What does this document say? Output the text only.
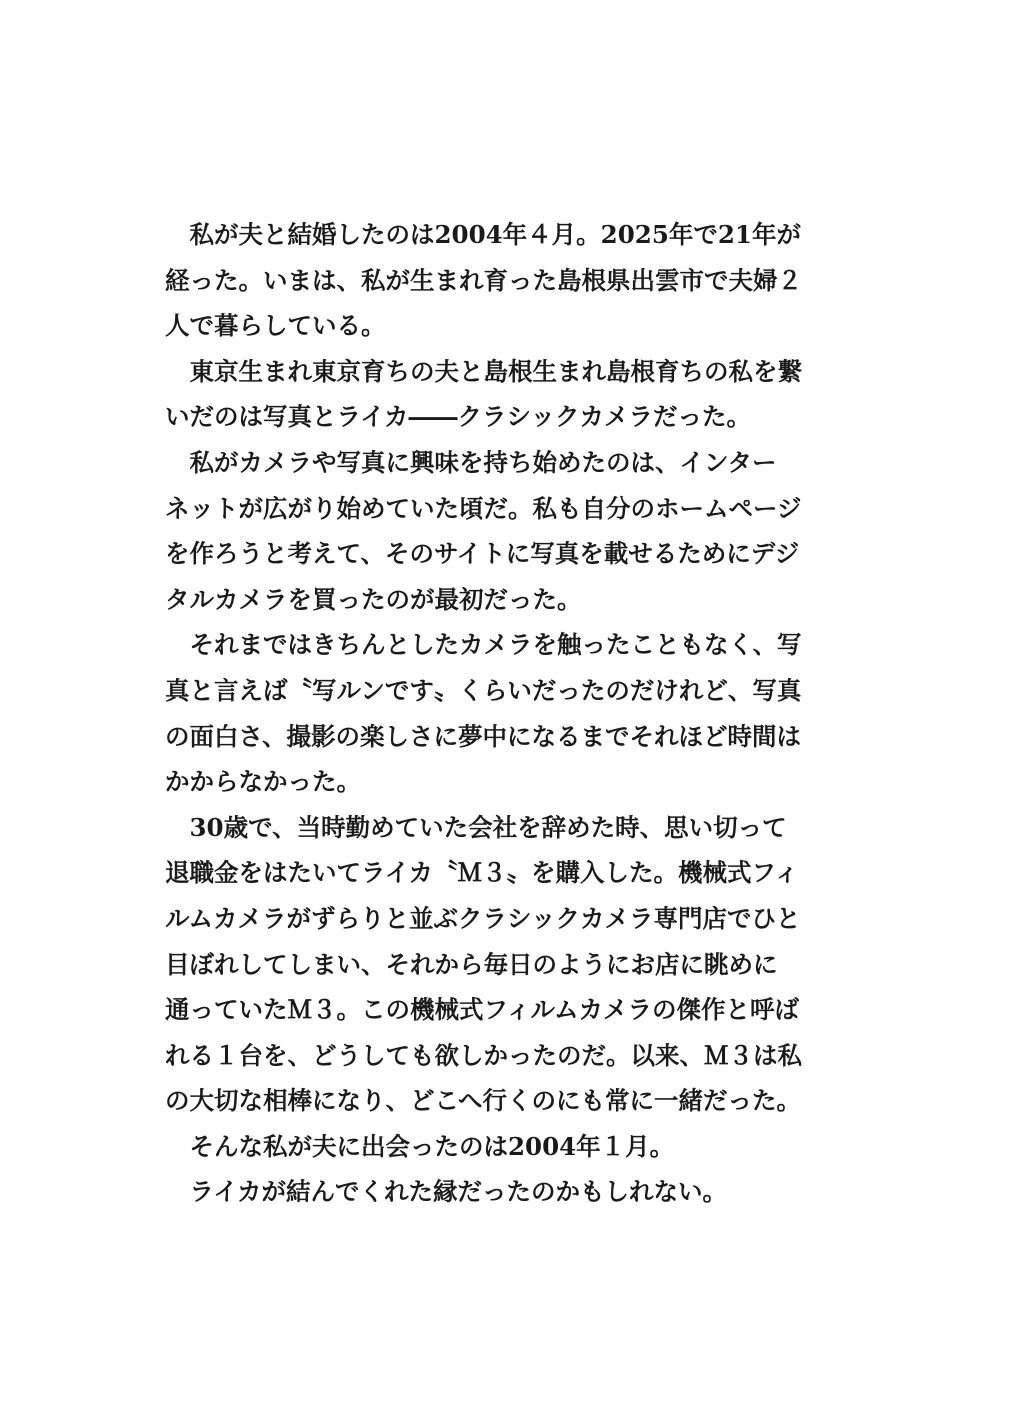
　私が夫と結婚したのは2004年４月。2025年で21年が
経った。いまは、私が生まれ育った島根県出雲市で夫婦２
人で暮らしている。
　東京生まれ東京育ちの夫と島根生まれ島根育ちの私を繋
いだのは写真とライカ――クラシックカメラだった。
　私がカメラや写真に興味を持ち始めたのは、インター
ネットが広がり始めていた頃だ。私も自分のホームページ
を作ろうと考えて、そのサイトに写真を載せるためにデジ
タルカメラを買ったのが最初だった。
　それまではきちんとしたカメラを触ったこともなく、写
真と言えば〝写ルンです〟くらいだったのだけれど、写真
の面白さ、撮影の楽しさに夢中になるまでそれほど時間は
かからなかった。
　30歳で、当時勤めていた会社を辞めた時、思い切って
退職金をはたいてライカ〝Ｍ３〟を購入した。機械式フィ
ルムカメラがずらりと並ぶクラシックカメラ専門店でひと
目ぼれしてしまい、それから毎日のようにお店に眺めに
通っていたＭ３。この機械式フィルムカメラの傑作と呼ば
れる１台を、どうしても欲しかったのだ。以来、Ｍ３は私
の大切な相棒になり、どこへ行くのにも常に一緒だった。
　そんな私が夫に出会ったのは2004年１月。
　ライカが結んでくれた縁だったのかもしれない。
